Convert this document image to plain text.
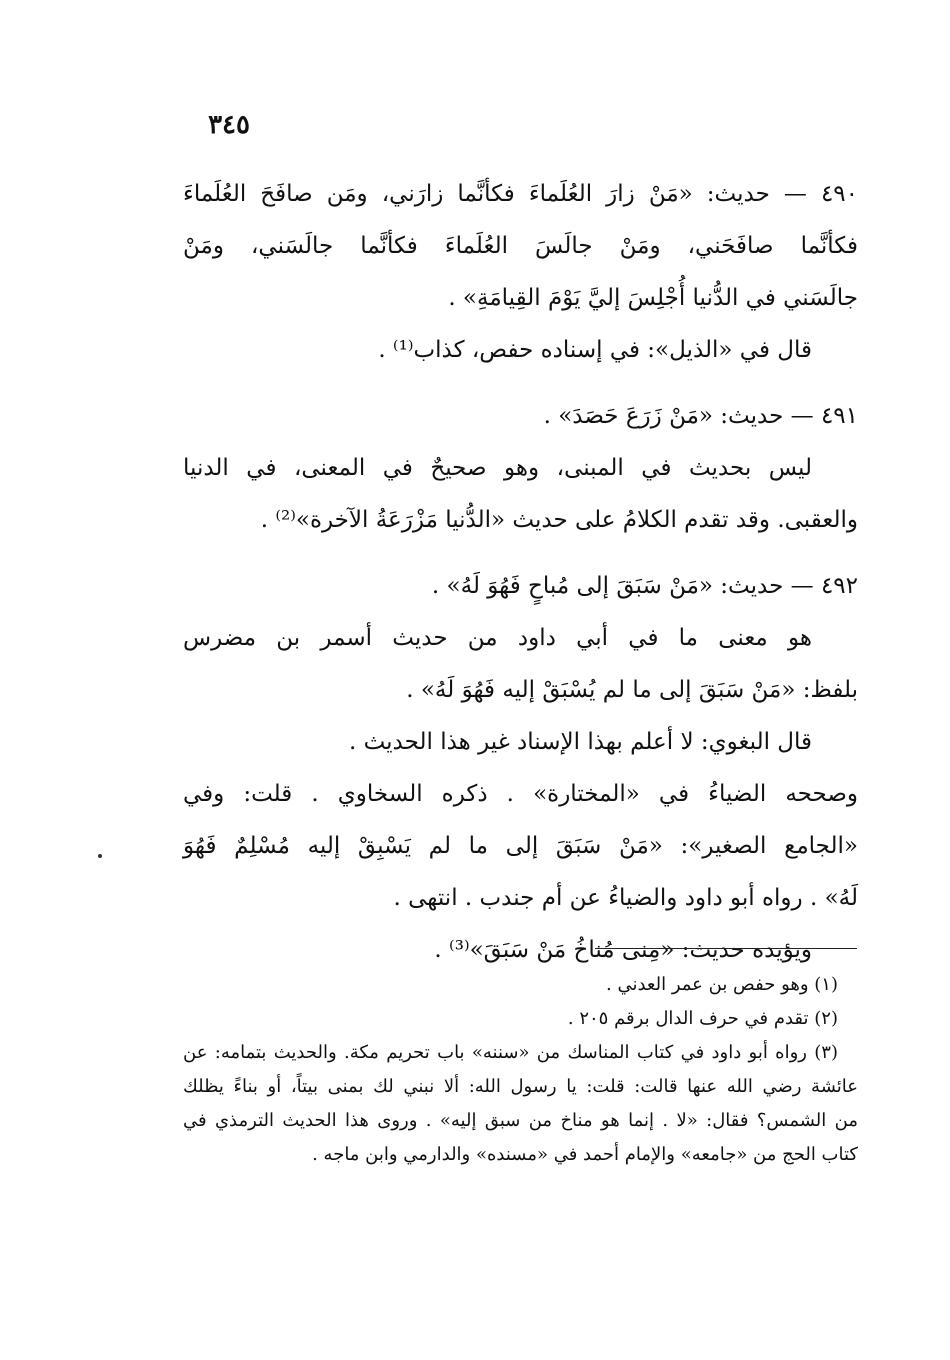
٣٤٥
٤٩٠ — حديث: «مَنْ زارَ العُلَماءَ فكأنَّما زارَني، ومَن صافَحَ العُلَماءَ
فكأنَّما صافَحَني، ومَنْ جالَسَ العُلَماءَ فكأنَّما جالَسَني، ومَنْ
جالَسَني في الدُّنيا أُجْلِسَ إليَّ يَوْمَ القِيامَةِ» .
قال في «الذيل»: في إسناده حفص، كذاب⁽¹⁾ .
٤٩١ — حديث: «مَنْ زَرَعَ حَصَدَ» .
ليس بحديث في المبنى، وهو صحيحٌ في المعنى، في الدنيا
والعقبى. وقد تقدم الكلامُ على حديث «الدُّنيا مَزْرَعَةُ الآخرة»⁽²⁾ .
٤٩٢ — حديث: «مَنْ سَبَقَ إلى مُباحٍ فَهُوَ لَهُ» .
هو معنى ما في أبي داود من حديث أسمر بن مضرس
بلفظ: «مَنْ سَبَقَ إلى ما لم يُسْبَقْ إليه فَهُوَ لَهُ» .
قال البغوي: لا أعلم بهذا الإسناد غير هذا الحديث .
وصححه الضياءُ في «المختارة» . ذكره السخاوي . قلت: وفي
«الجامع الصغير»: «مَنْ سَبَقَ إلى ما لم يَسْبِقْ إليه مُسْلِمٌ فَهُوَ
لَهُ» . رواه أبو داود والضياءُ عن أم جندب . انتهى .
ويؤيده حديث: «مِنى مُناخُ مَنْ سَبَقَ»⁽³⁾ .
(١) وهو حفص بن عمر العدني .
(٢) تقدم في حرف الدال برقم ٢٠٥ .
(٣) رواه أبو داود في كتاب المناسك من «سننه» باب تحريم مكة. والحديث بتمامه: عن
عائشة رضي الله عنها قالت: قلت: يا رسول الله: ألا نبني لك بمنى بيتاً، أو بناءً يظلك
من الشمس؟ فقال: «لا . إنما هو مناخ من سبق إليه» . وروى هذا الحديث الترمذي في
كتاب الحج من «جامعه» والإمام أحمد في «مسنده» والدارمي وابن ماجه .
